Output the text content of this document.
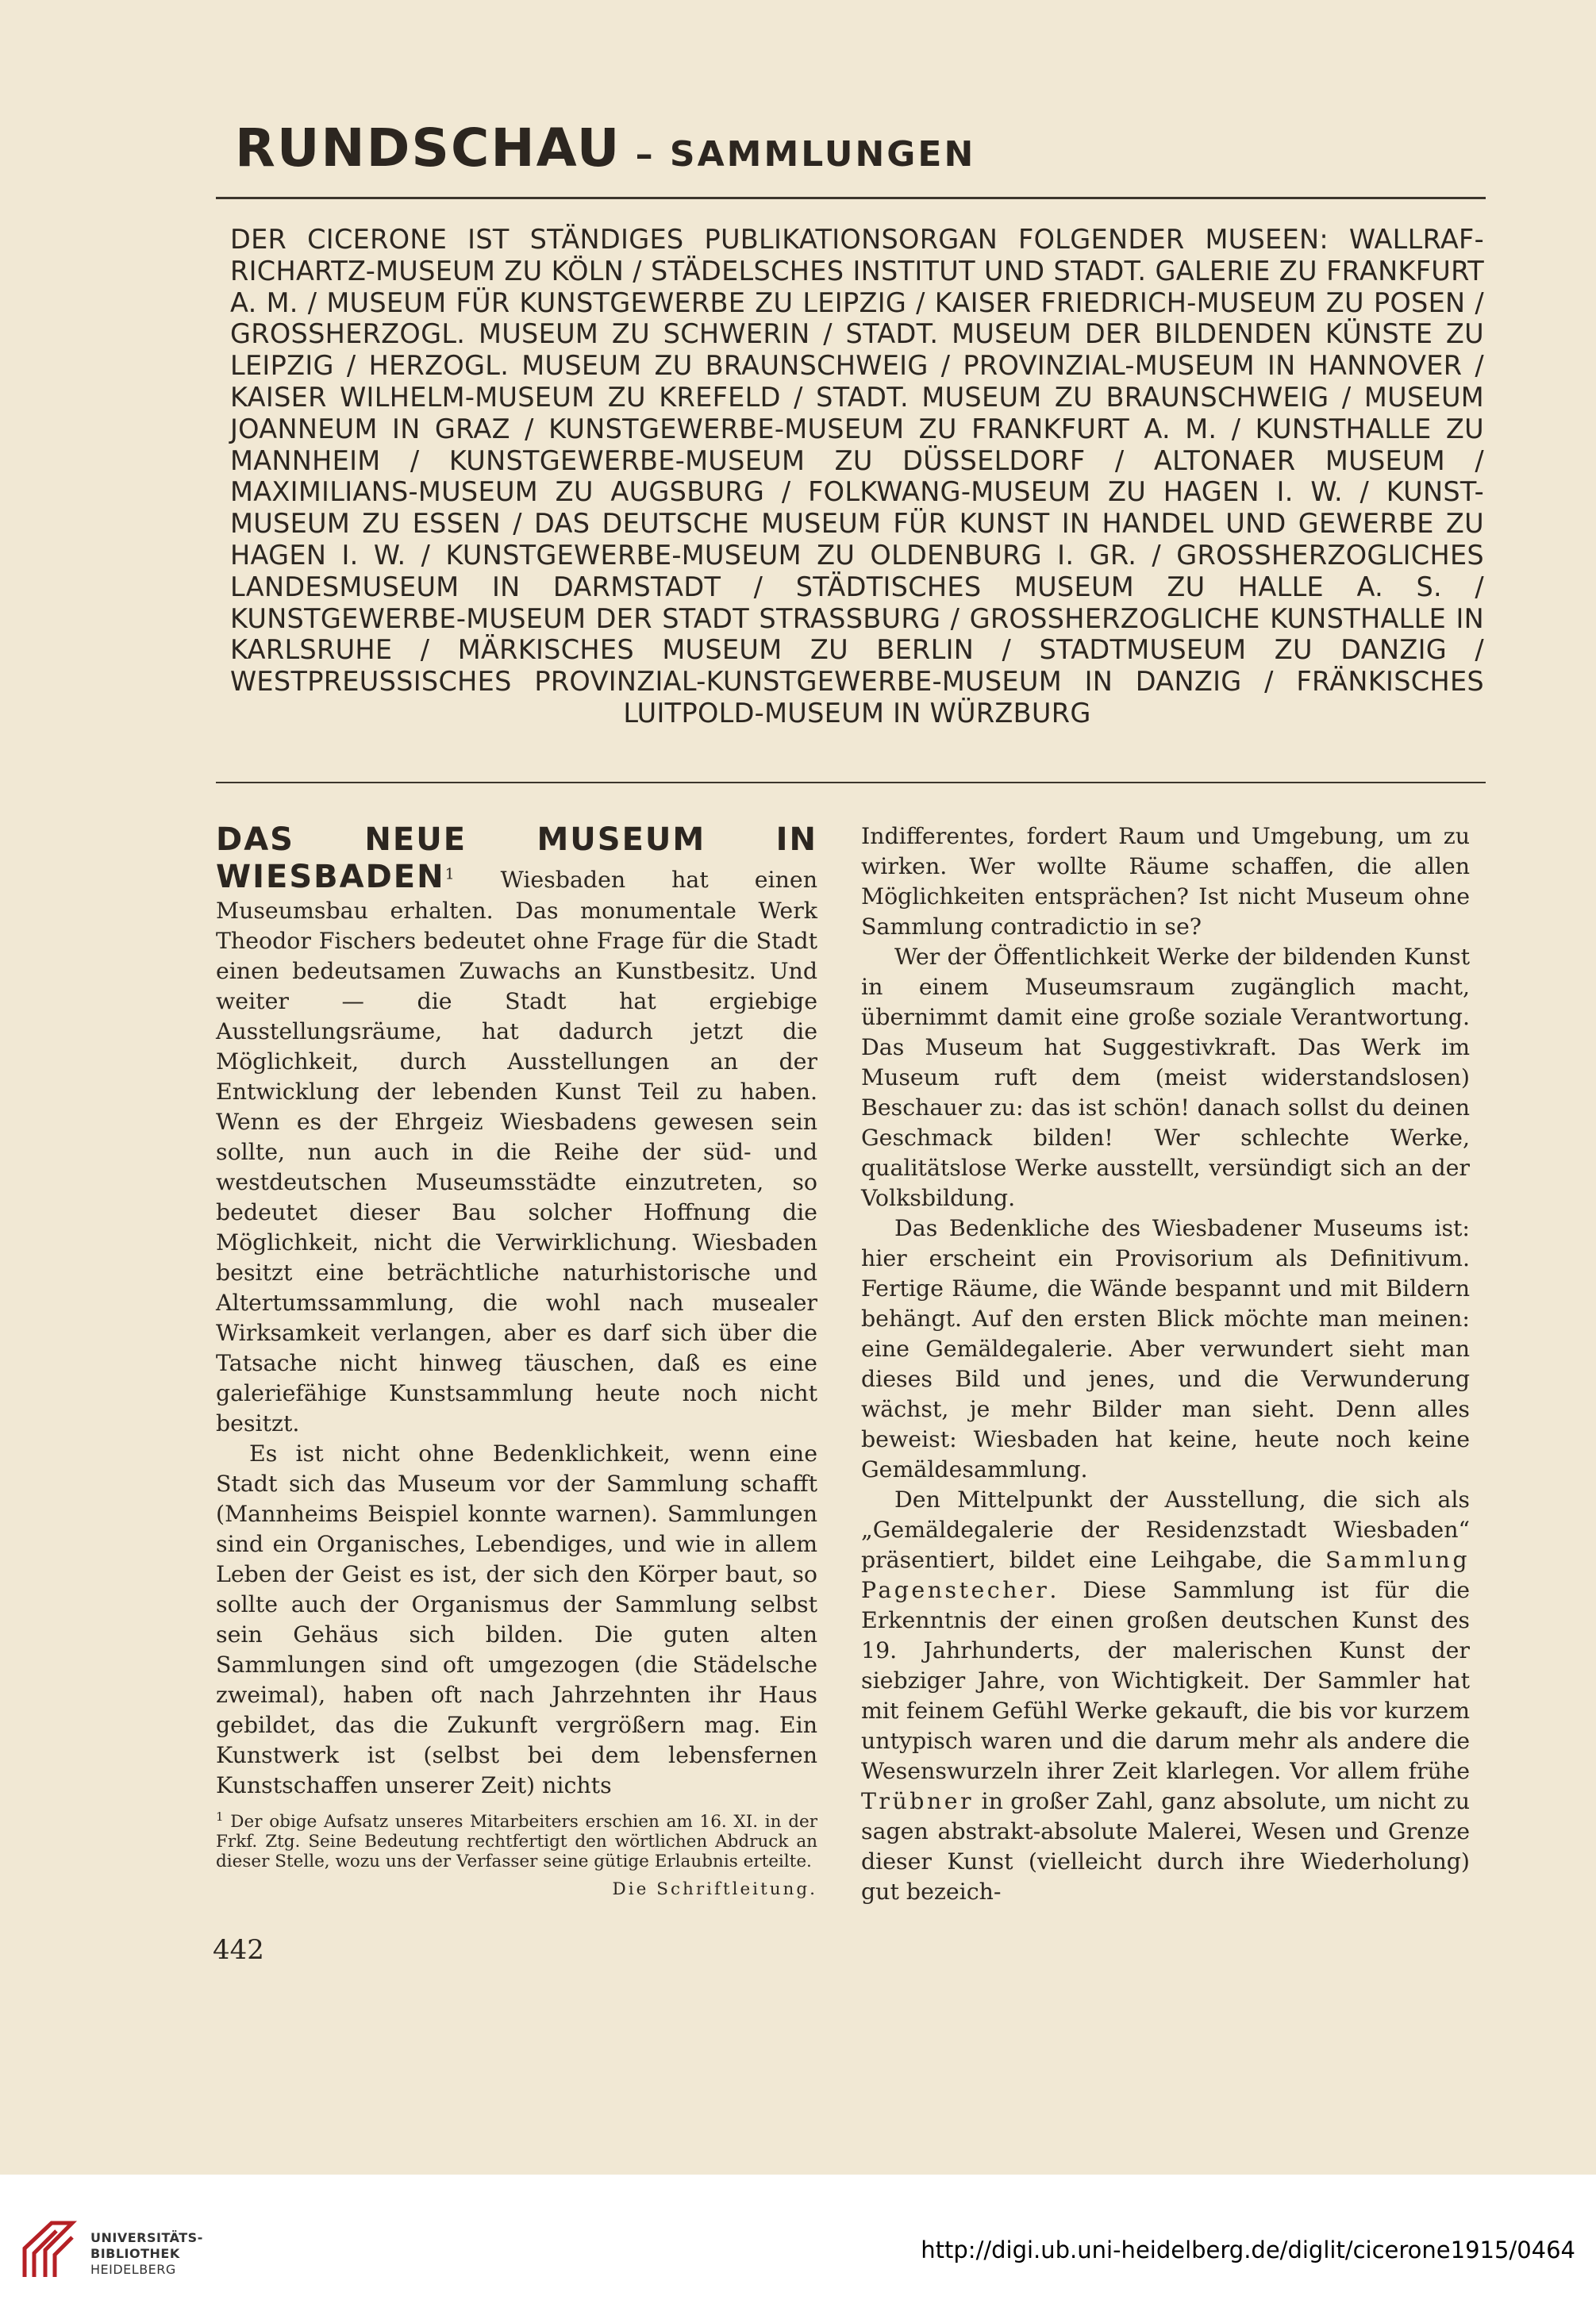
RUNDSCHAU – SAMMLUNGEN
DER CICERONE IST STÄNDIGES PUBLIKATIONSORGAN FOLGENDER MUSEEN: WALLRAF-RICHARTZ-MUSEUM ZU KÖLN / STÄDELSCHES INSTITUT UND STADT. GALERIE ZU FRANKFURT A. M. / MUSEUM FÜR KUNSTGEWERBE ZU LEIPZIG / KAISER FRIEDRICH-MUSEUM ZU POSEN / GROSSHERZOGL. MUSEUM ZU SCHWERIN / STADT. MUSEUM DER BILDENDEN KÜNSTE ZU LEIPZIG / HERZOGL. MUSEUM ZU BRAUNSCHWEIG / PROVINZIAL-MUSEUM IN HANNOVER / KAISER WILHELM-MUSEUM ZU KREFELD / STADT. MUSEUM ZU BRAUNSCHWEIG / MUSEUM JOANNEUM IN GRAZ / KUNSTGEWERBE-MUSEUM ZU FRANKFURT A. M. / KUNSTHALLE ZU MANNHEIM / KUNSTGEWERBE-MUSEUM ZU DÜSSELDORF / ALTONAER MUSEUM / MAXIMILIANS-MUSEUM ZU AUGSBURG / FOLKWANG-MUSEUM ZU HAGEN I. W. / KUNST-MUSEUM ZU ESSEN / DAS DEUTSCHE MUSEUM FÜR KUNST IN HANDEL UND GEWERBE ZU HAGEN I. W. / KUNSTGEWERBE-MUSEUM ZU OLDENBURG I. GR. / GROSSHERZOGLICHES LANDESMUSEUM IN DARMSTADT / STÄDTISCHES MUSEUM ZU HALLE A. S. / KUNSTGEWERBE-MUSEUM DER STADT STRASSBURG / GROSSHERZOGLICHE KUNSTHALLE IN KARLSRUHE / MÄRKISCHES MUSEUM ZU BERLIN / STADTMUSEUM ZU DANZIG / WESTPREUSSISCHES PROVINZIAL-KUNSTGEWERBE-MUSEUM IN DANZIG / FRÄNKISCHES LUITPOLD-MUSEUM IN WÜRZBURG

DAS NEUE MUSEUM IN WIESBADEN$^1$ Wiesbaden hat einen Museumsbau erhalten. Das monumentale Werk Theodor Fischers bedeutet ohne Frage für die Stadt einen bedeutsamen Zuwachs an Kunstbesitz. Und weiter — die Stadt hat ergiebige Ausstellungsräume, hat dadurch jetzt die Möglichkeit, durch Ausstellungen an der Entwicklung der lebenden Kunst Teil zu haben. Wenn es der Ehrgeiz Wiesbadens gewesen sein sollte, nun auch in die Reihe der süd- und westdeutschen Museumsstädte einzutreten, so bedeutet dieser Bau solcher Hoffnung die Möglichkeit, nicht die Verwirklichung. Wiesbaden besitzt eine beträchtliche naturhistorische und Altertumssammlung, die wohl nach musealer Wirksamkeit verlangen, aber es darf sich über die Tatsache nicht hinweg täuschen, daß es eine galeriefähige Kunstsammlung heute noch nicht besitzt.

Es ist nicht ohne Bedenklichkeit, wenn eine Stadt sich das Museum vor der Sammlung schafft (Mannheims Beispiel konnte warnen). Sammlungen sind ein Organisches, Lebendiges, und wie in allem Leben der Geist es ist, der sich den Körper baut, so sollte auch der Organismus der Sammlung selbst sein Gehäus sich bilden. Die guten alten Sammlungen sind oft umgezogen (die Städelsche zweimal), haben oft nach Jahrzehnten ihr Haus gebildet, das die Zukunft vergrößern mag. Ein Kunstwerk ist (selbst bei dem lebensfernen Kunstschaffen unserer Zeit) nichts

$^1$ Der obige Aufsatz unseres Mitarbeiters erschien am 16. XI. in der Frkf. Ztg. Seine Bedeutung rechtfertigt den wörtlichen Abdruck an dieser Stelle, wozu uns der Verfasser seine gütige Erlaubnis erteilte.
Die Schriftleitung.

Indifferentes, fordert Raum und Umgebung, um zu wirken. Wer wollte Räume schaffen, die allen Möglichkeiten entsprächen? Ist nicht Museum ohne Sammlung contradictio in se?

Wer der Öffentlichkeit Werke der bildenden Kunst in einem Museumsraum zugänglich macht, übernimmt damit eine große soziale Verantwortung. Das Museum hat Suggestivkraft. Das Werk im Museum ruft dem (meist widerstandslosen) Beschauer zu: das ist schön! danach sollst du deinen Geschmack bilden! Wer schlechte Werke, qualitätslose Werke ausstellt, versündigt sich an der Volksbildung.

Das Bedenkliche des Wiesbadener Museums ist: hier erscheint ein Provisorium als Definitivum. Fertige Räume, die Wände bespannt und mit Bildern behängt. Auf den ersten Blick möchte man meinen: eine Gemäldegalerie. Aber verwundert sieht man dieses Bild und jenes, und die Verwunderung wächst, je mehr Bilder man sieht. Denn alles beweist: Wiesbaden hat keine, heute noch keine Gemäldesammlung.

Den Mittelpunkt der Ausstellung, die sich als „Gemäldegalerie der Residenzstadt Wiesbaden“ präsentiert, bildet eine Leihgabe, die Sammlung Pagenstecher. Diese Sammlung ist für die Erkenntnis der einen großen deutschen Kunst des 19. Jahrhunderts, der malerischen Kunst der siebziger Jahre, von Wichtigkeit. Der Sammler hat mit feinem Gefühl Werke gekauft, die bis vor kurzem untypisch waren und die darum mehr als andere die Wesenswurzeln ihrer Zeit klarlegen. Vor allem frühe Trübner in großer Zahl, ganz absolute, um nicht zu sagen abstrakt-absolute Malerei, Wesen und Grenze dieser Kunst (vielleicht durch ihre Wiederholung) gut bezeich-

442
UNIVERSITÄTS-
BIBLIOTHEK
HEIDELBERG
http://digi.ub.uni-heidelberg.de/diglit/cicerone1915/0464
